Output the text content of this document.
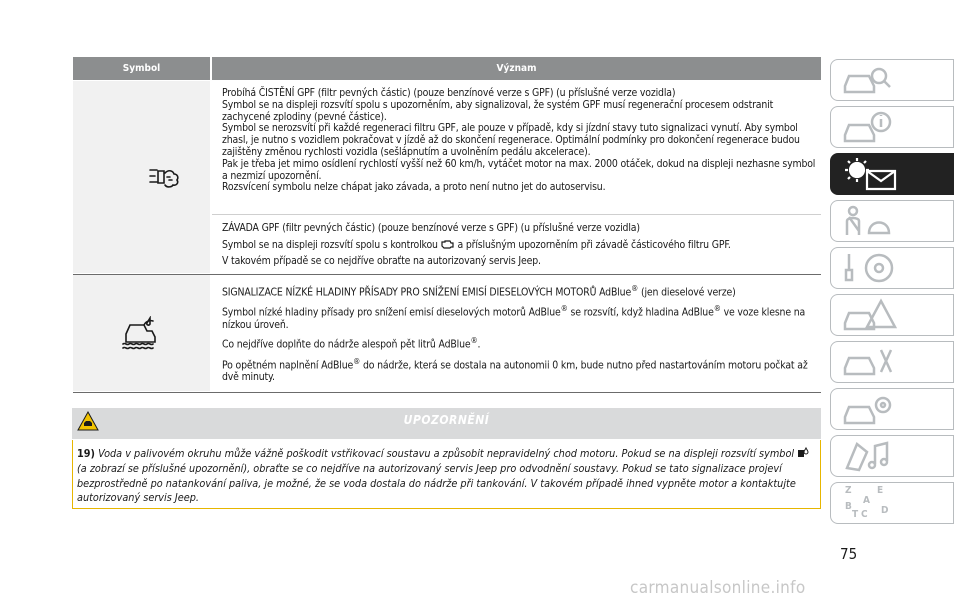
Symbol	Význam

Probíhá ČISTĚNÍ GPF (filtr pevných částic) (pouze benzínové verze s GPF) (u příslušné verze vozidla)

Symbol se na displeji rozsvítí spolu s upozorněním, aby signalizoval, že systém GPF musí regenerační procesem odstranit zachycené zplodiny (pevné částice).

Symbol se nerozsvítí při každé regeneraci filtru GPF, ale pouze v případě, kdy si jízdní stavy tuto signalizaci vynutí. Aby symbol zhasl, je nutno s vozidlem pokračovat v jízdě až do skončení regenerace. Optimální podmínky pro dokončení regenerace budou zajištěny změnou rychlosti vozidla (sešlápnutím a uvolněním pedálu akcelerace).

Pak je třeba jet mimo osídlení rychlostí vyšší než 60 km/h, vytáčet motor na max. 2000 otáček, dokud na displeji nezhasne symbol a nezmizí upozornění.

Rozsvícení symbolu nelze chápat jako závada, a proto není nutno jet do autoservisu.

ZÁVADA GPF (filtr pevných částic) (pouze benzínové verze s GPF) (u příslušné verze vozidla)

Symbol se na displeji rozsvítí spolu s kontrolkou a příslušným upozorněním při závadě částicového filtru GPF.

V takovém případě se co nejdříve obraťte na autorizovaný servis Jeep.

SIGNALIZACE NÍZKÉ HLADINY PŘÍSADY PRO SNÍŽENÍ EMISÍ DIESELOVÝCH MOTORŮ AdBlue® (jen dieselové verze)

Symbol nízké hladiny přísady pro snížení emisí dieselových motorů AdBlue® se rozsvítí, když hladina AdBlue® ve voze klesne na nízkou úroveň.

Co nejdříve doplňte do nádrže alespoň pět litrů AdBlue®.

Po opětném naplnění AdBlue® do nádrže, která se dostala na autonomii 0 km, bude nutno před nastartováním motoru počkat až dvě minuty.

UPOZORNĚNÍ
19) Voda v palivovém okruhu může vážně poškodit vstřikovací soustavu a způsobit nepravidelný chod motoru. Pokud se na displeji rozsvítí symbol  (a zobrazí se příslušné upozornění), obraťte se co nejdříve na autorizovaný servis Jeep pro odvodnění soustavy. Pokud se tato signalizace projeví bezprostředně po natankování paliva, je možné, že se voda dostala do nádrže při tankování. V takovém případě ihned vypněte motor a kontaktujte autorizovaný servis Jeep.
Z	E
A
B
C D
T
75
carmanualsonline.info
